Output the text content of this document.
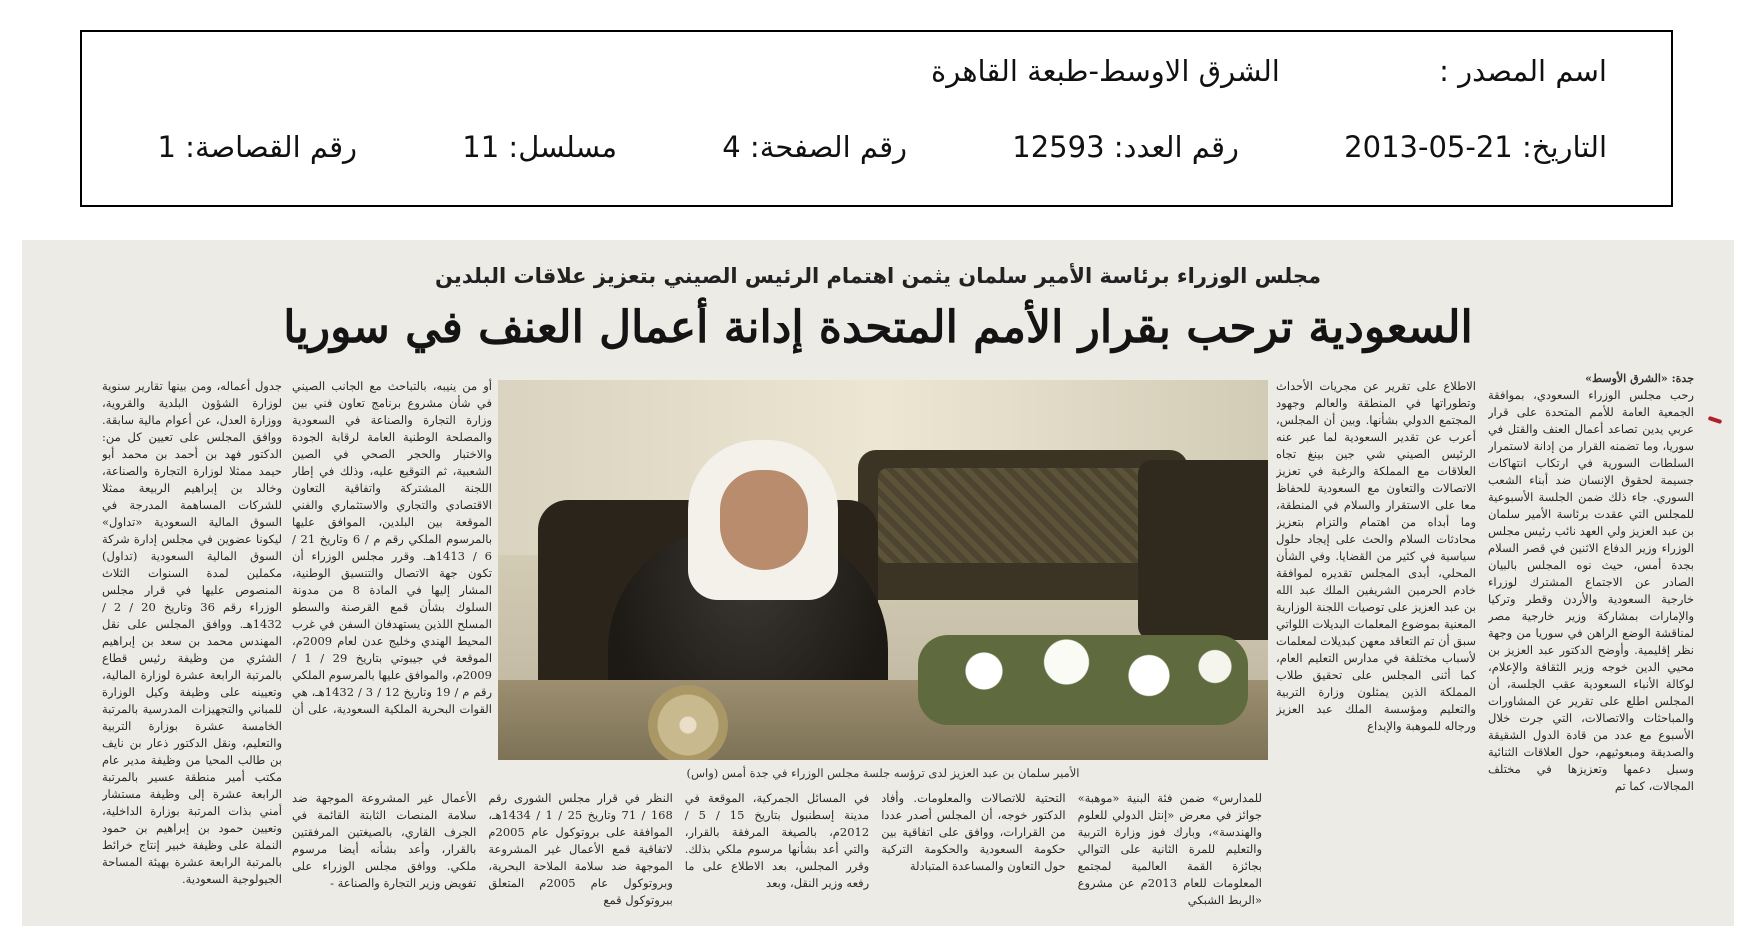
اسم المصدر : الشرق الاوسط-طبعة القاهرة
التاريخ: 21-05-2013 رقم العدد: 12593 رقم الصفحة: 4 مسلسل: 11 رقم القصاصة: 1
مجلس الوزراء برئاسة الأمير سلمان يثمن اهتمام الرئيس الصيني بتعزيز علاقات البلدين
السعودية ترحب بقرار الأمم المتحدة إدانة أعمال العنف في سوريا

جدة: «الشرق الأوسط»

رحب مجلس الوزراء السعودي، بموافقة الجمعية العامة للأمم المتحدة على قرار عربي يدين تصاعد أعمال العنف والقتل في سوريا، وما تضمنه القرار من إدانة لاستمرار السلطات السورية في ارتكاب انتهاكات جسيمة لحقوق الإنسان ضد أبناء الشعب السوري. جاء ذلك ضمن الجلسة الأسبوعية للمجلس التي عقدت برئاسة الأمير سلمان بن عبد العزيز ولي العهد نائب رئيس مجلس الوزراء وزير الدفاع الاثنين في قصر السلام بجدة أمس، حيث نوه المجلس بالبيان الصادر عن الاجتماع المشترك لوزراء خارجية السعودية والأردن وقطر وتركيا والإمارات بمشاركة وزير خارجية مصر لمناقشة الوضع الراهن في سوريا من وجهة نظر إقليمية. وأوضح الدكتور عبد العزيز بن محيي الدين خوجه وزير الثقافة والإعلام، لوكالة الأنباء السعودية عقب الجلسة، أن المجلس اطلع على تقرير عن المشاورات والمباحثات والاتصالات، التي جرت خلال الأسبوع مع عدد من قادة الدول الشقيقة والصديقة ومبعوثيهم، حول العلاقات الثنائية وسبل دعمها وتعزيزها في مختلف المجالات، كما تم

الاطلاع على تقرير عن مجريات الأحداث وتطوراتها في المنطقة والعالم وجهود المجتمع الدولي بشأنها. وبين أن المجلس، أعرب عن تقدير السعودية لما عبر عنه الرئيس الصيني شي جين بينغ تجاه العلاقات مع المملكة والرغبة في تعزيز الاتصالات والتعاون مع السعودية للحفاظ معا على الاستقرار والسلام في المنطقة، وما أبداه من اهتمام والتزام بتعزيز محادثات السلام والحث على إيجاد حلول سياسية في كثير من القضايا. وفي الشأن المحلي، أبدى المجلس تقديره لموافقة خادم الحرمين الشريفين الملك عبد الله بن عبد العزيز على توصيات اللجنة الوزارية المعنية بموضوع المعلمات البديلات اللواتي سبق أن تم التعاقد معهن كبديلات لمعلمات لأسباب مختلفة في مدارس التعليم العام، كما أثنى المجلس على تحقيق طلاب المملكة الذين يمثلون وزارة التربية والتعليم ومؤسسة الملك عبد العزيز ورجاله للموهبة والإبداع

أو من ينيبه، بالتباحث مع الجانب الصيني في شأن مشروع برنامج تعاون فني بين وزارة التجارة والصناعة في السعودية والمصلحة الوطنية العامة لرقابة الجودة والاختبار والحجر الصحي في الصين الشعبية، ثم التوقيع عليه، وذلك في إطار اللجنة المشتركة واتفاقية التعاون الاقتصادي والتجاري والاستثماري والفني الموقعة بين البلدين، الموافق عليها بالمرسوم الملكي رقم م / 6 وتاريخ 21 / 6 / 1413هـ. وقرر مجلس الوزراء أن تكون جهة الاتصال والتنسيق الوطنية، المشار إليها في المادة 8 من مدونة السلوك بشأن قمع القرصنة والسطو المسلح اللذين يستهدفان السفن في غرب المحيط الهندي وخليج عدن لعام 2009م، الموقعة في جيبوتي بتاريخ 29 / 1 / 2009م، والموافق عليها بالمرسوم الملكي رقم م / 19 وتاريخ 12 / 3 / 1432هـ، هي القوات البحرية الملكية السعودية، على أن

جدول أعماله، ومن بينها تقارير سنوية لوزارة الشؤون البلدية والقروية، ووزارة العدل، عن أعوام مالية سابقة. ووافق المجلس على تعيين كل من: الدكتور فهد بن أحمد بن محمد أبو حيمد ممثلا لوزارة التجارة والصناعة، وخالد بن إبراهيم الربيعة ممثلا للشركات المساهمة المدرجة في السوق المالية السعودية «تداول» ليكونا عضوين في مجلس إدارة شركة السوق المالية السعودية (تداول) مكملين لمدة السنوات الثلاث المنصوص عليها في قرار مجلس الوزراء رقم 36 وتاريخ 20 / 2 / 1432هـ. ووافق المجلس على نقل المهندس محمد بن سعد بن إبراهيم الشثري من وظيفة رئيس قطاع بالمرتبة الرابعة عشرة لوزارة المالية، وتعيينه على وظيفة وكيل الوزارة للمباني والتجهيزات المدرسية بالمرتبة الخامسة عشرة بوزارة التربية والتعليم، ونقل الدكتور ذعار بن نايف بن طالب المحيا من وظيفة مدير عام مكتب أمير منطقة عسير بالمرتبة الرابعة عشرة إلى وظيفة مستشار أمني بذات المرتبة بوزارة الداخلية، وتعيين حمود بن إبراهيم بن حمود النملة على وظيفة خبير إنتاج خرائط بالمرتبة الرابعة عشرة بهيئة المساحة الجيولوجية السعودية.

الأمير سلمان بن عبد العزيز لدى ترؤسه جلسة مجلس الوزراء في جدة أمس (واس)
للمدارس» ضمن فئة البنية «موهبة» جوائز في معرض «إنتل الدولي للعلوم والهندسة»، وبارك فوز وزارة التربية والتعليم للمرة الثانية على التوالي بجائزة القمة العالمية لمجتمع المعلومات للعام 2013م عن مشروع «الربط الشبكي
التحتية للاتصالات والمعلومات. وأفاد الدكتور خوجه، أن المجلس أصدر عددا من القرارات، ووافق على اتفاقية بين حكومة السعودية والحكومة التركية حول التعاون والمساعدة المتبادلة
في المسائل الجمركية، الموقعة في مدينة إسطنبول بتاريخ 15 / 5 / 2012م، بالصيغة المرفقة بالقرار، والتي أعد بشأنها مرسوم ملكي بذلك. وقرر المجلس، بعد الاطلاع على ما رفعه وزير النقل، وبعد
النظر في قرار مجلس الشورى رقم 168 / 71 وتاريخ 25 / 1 / 1434هـ، الموافقة على بروتوكول عام 2005م لاتفاقية قمع الأعمال غير المشروعة الموجهة ضد سلامة الملاحة البحرية، وبروتوكول عام 2005م المتعلق ببروتوكول قمع
الأعمال غير المشروعة الموجهة ضد سلامة المنصات الثابتة القائمة في الجرف القاري، بالصيغتين المرفقتين بالقرار، وأعد بشأنه أيضا مرسوم ملكي. ووافق مجلس الوزراء على تفويض وزير التجارة والصناعة -
